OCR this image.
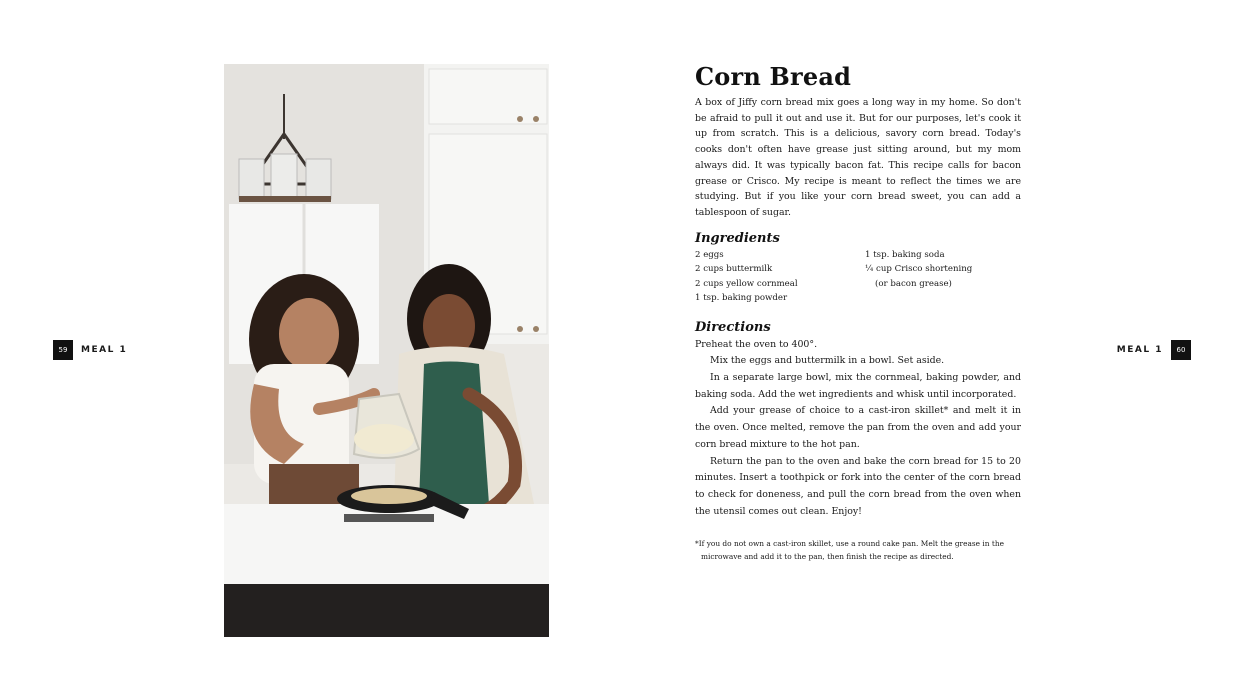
59	MEAL 1	MEAL 1	60
Corn Bread

A box of Jiffy corn bread mix goes a long way in my home. So don't be afraid to pull it out and use it. But for our purposes, let's cook it up from scratch. This is a delicious, savory corn bread. Today's cooks don't often have grease just sitting around, but my mom always did. It was typically bacon fat. This recipe calls for bacon grease or Crisco. My recipe is meant to reflect the times we are studying. But if you like your corn bread sweet, you can add a tablespoon of sugar.

Ingredients
2 eggs
2 cups buttermilk
2 cups yellow cornmeal
1 tsp. baking powder
1 tsp. baking soda
¼ cup Crisco shortening
(or bacon grease)
Directions

Preheat the oven to 400°.

Mix the eggs and buttermilk in a bowl. Set aside.

In a separate large bowl, mix the cornmeal, baking powder, and baking soda. Add the wet ingredients and whisk until incorporated.

Add your grease of choice to a cast-iron skillet* and melt it in the oven. Once melted, remove the pan from the oven and add your corn bread mixture to the hot pan.

Return the pan to the oven and bake the corn bread for 15 to 20 minutes. Insert a toothpick or fork into the center of the corn bread to check for doneness, and pull the corn bread from the oven when the utensil comes out clean. Enjoy!

*If you do not own a cast-iron skillet, use a round cake pan. Melt the grease in the microwave and add it to the pan, then finish the recipe as directed.
